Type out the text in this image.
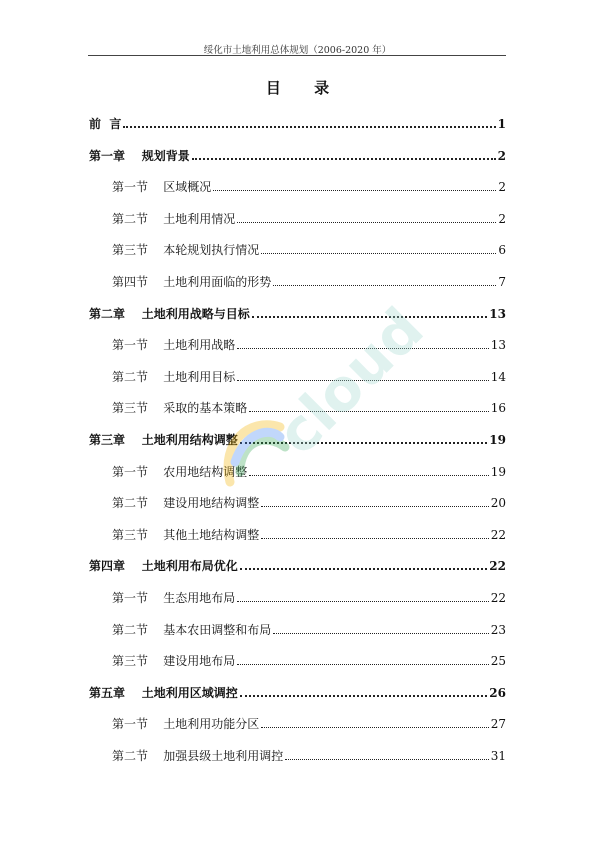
绥化市土地利用总体规划（2006-2020 年）
目 录
前  言	1
第一章    规划背景	2
第一节    区域概况	2
第二节    土地利用情况	2
第三节    本轮规划执行情况	6
第四节    土地利用面临的形势	7
第二章    土地利用战略与目标	13
第一节    土地利用战略	13
第二节    土地利用目标	14
第三节    采取的基本策略	16
第三章    土地利用结构调整	19
第一节    农用地结构调整	19
第二节    建设用地结构调整	20
第三节    其他土地结构调整	22
第四章    土地利用布局优化	22
第一节    生态用地布局	22
第二节    基本农田调整和布局	23
第三节    建设用地布局	25
第五章    土地利用区域调控	26
第一节    土地利用功能分区	27
第二节    加强县级土地利用调控	31
cloud
